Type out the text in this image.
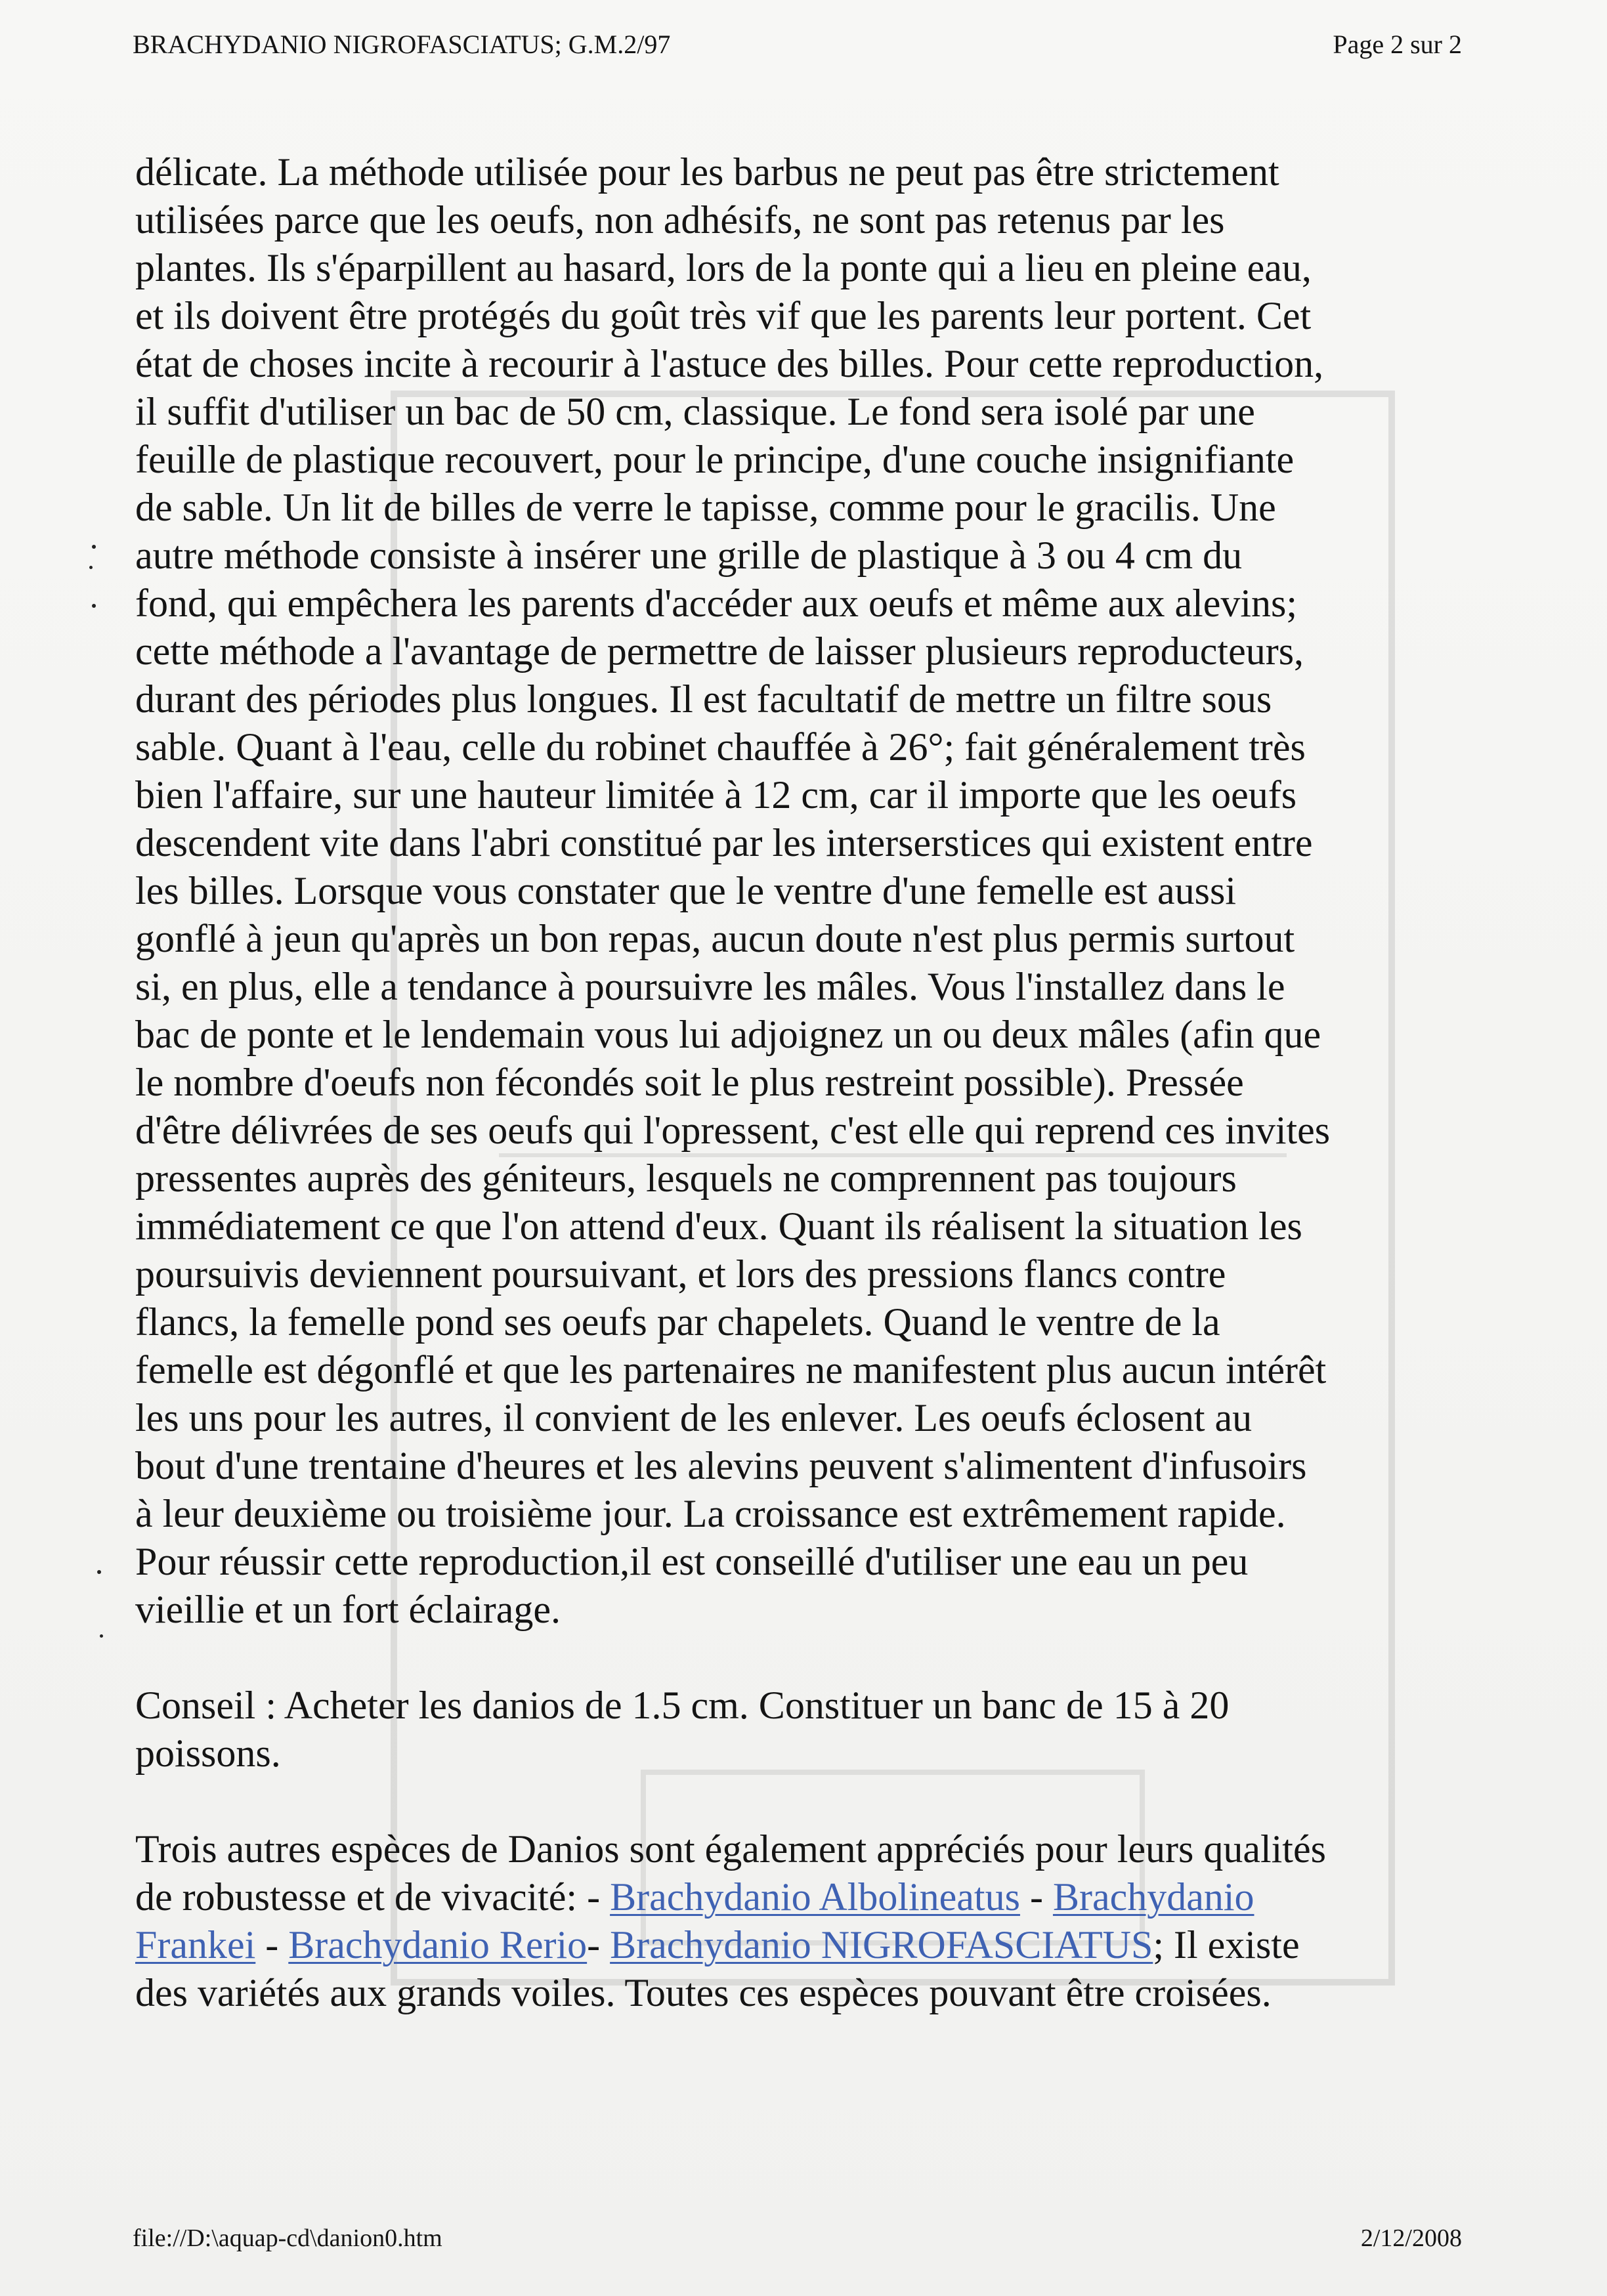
BRACHYDANIO NIGROFASCIATUS; G.M.2/97	Page 2 sur 2
délicate. La méthode utilisée pour les barbus ne peut pas être strictement
utilisées parce que les oeufs, non adhésifs, ne sont pas retenus par les
plantes. Ils s'éparpillent au hasard, lors de la ponte qui a lieu en pleine eau,
et ils doivent être protégés du goût très vif que les parents leur portent. Cet
état de choses incite à recourir à l'astuce des billes. Pour cette reproduction,
il suffit d'utiliser un bac de 50 cm, classique. Le fond sera isolé par une
feuille de plastique recouvert, pour le principe, d'une couche insignifiante
de sable. Un lit de billes de verre le tapisse, comme pour le gracilis. Une
autre méthode consiste à insérer une grille de plastique à 3 ou 4 cm du
fond, qui empêchera les parents d'accéder aux oeufs et même aux alevins;
cette méthode a l'avantage de permettre de laisser plusieurs reproducteurs,
durant des périodes plus longues. Il est facultatif de mettre un filtre sous
sable. Quant à l'eau, celle du robinet chauffée à 26°; fait généralement très
bien l'affaire, sur une hauteur limitée à 12 cm, car il importe que les oeufs
descendent vite dans l'abri constitué par les interserstices qui existent entre
les billes. Lorsque vous constater que le ventre d'une femelle est aussi
gonflé à jeun qu'après un bon repas, aucun doute n'est plus permis surtout
si, en plus, elle a tendance à poursuivre les mâles. Vous l'installez dans le
bac de ponte et le lendemain vous lui adjoignez un ou deux mâles (afin que
le nombre d'oeufs non fécondés soit le plus restreint possible). Pressée
d'être délivrées de ses oeufs qui l'opressent, c'est elle qui reprend ces invites
pressentes auprès des géniteurs, lesquels ne comprennent pas toujours
immédiatement ce que l'on attend d'eux. Quant ils réalisent la situation les
poursuivis deviennent poursuivant, et lors des pressions flancs contre
flancs, la femelle pond ses oeufs par chapelets. Quand le ventre de la
femelle est dégonflé et que les partenaires ne manifestent plus aucun intérêt
les uns pour les autres, il convient de les enlever. Les oeufs éclosent au
bout d'une trentaine d'heures et les alevins peuvent s'alimentent d'infusoirs
à leur deuxième ou troisième jour. La croissance est extrêmement rapide.
Pour réussir cette reproduction,il est conseillé d'utiliser une eau un peu
vieillie et un fort éclairage.
Conseil : Acheter les danios de 1.5 cm. Constituer un banc de 15 à 20
poissons.
Trois autres espèces de Danios sont également appréciés pour leurs qualités
de robustesse et de vivacité: - Brachydanio Albolineatus - Brachydanio
Frankei - Brachydanio Rerio- Brachydanio NIGROFASCIATUS; Il existe
des variétés aux grands voiles. Toutes ces espèces pouvant être croisées.
file://D:\aquap-cd\danion0.htm	2/12/2008
